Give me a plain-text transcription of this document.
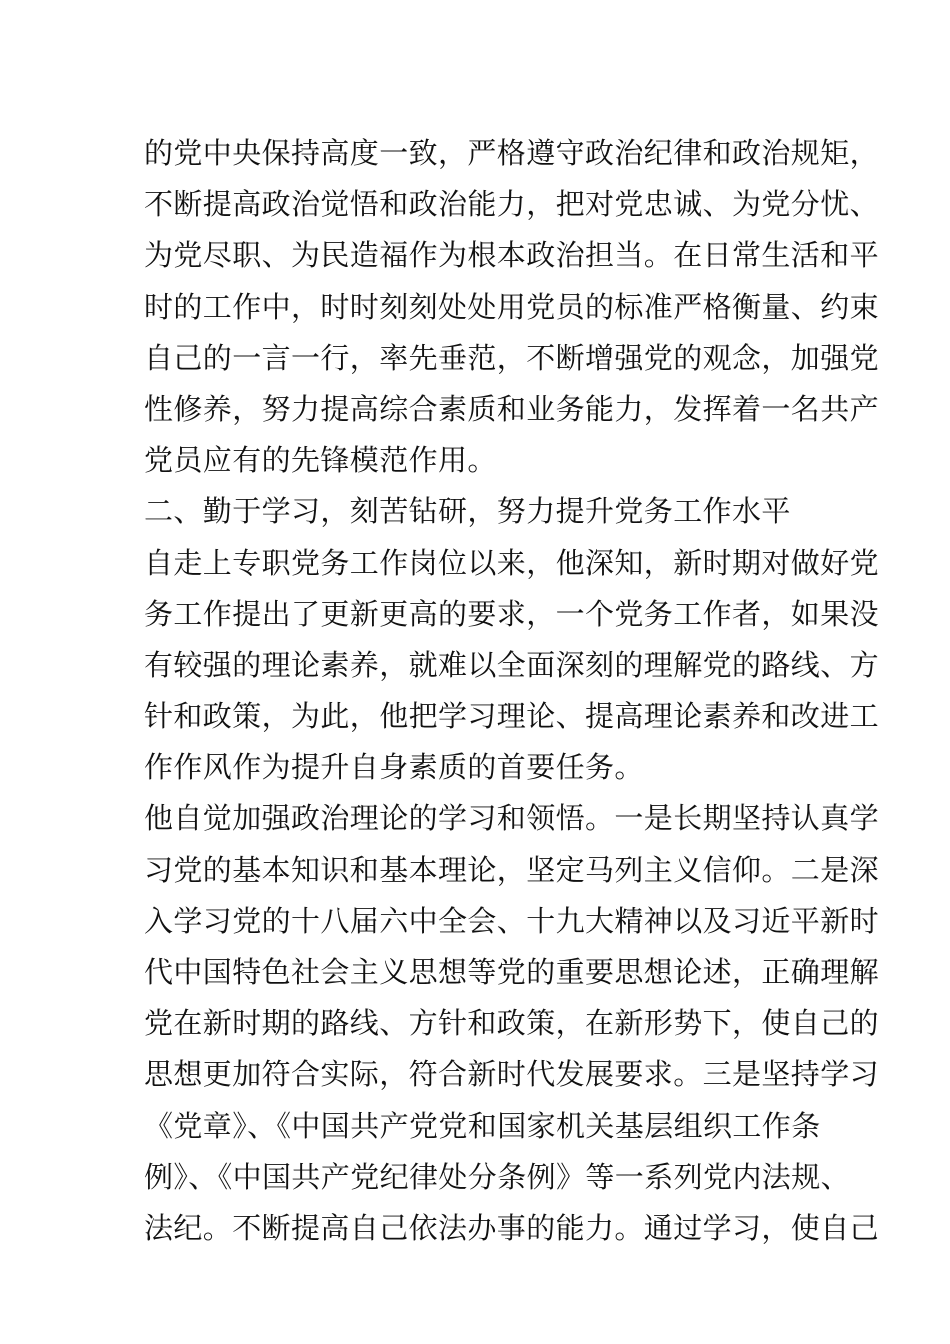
的党中央保持高度一致，严格遵守政治纪律和政治规矩，
不断提高政治觉悟和政治能力，把对党忠诚、为党分忧、
为党尽职、为民造福作为根本政治担当。在日常生活和平
时的工作中，时时刻刻处处用党员的标准严格衡量、约束
自己的一言一行，率先垂范，不断增强党的观念，加强党
性修养，努力提高综合素质和业务能力，发挥着一名共产
党员应有的先锋模范作用。
二、勤于学习，刻苦钻研，努力提升党务工作水平
自走上专职党务工作岗位以来，他深知，新时期对做好党
务工作提出了更新更高的要求，一个党务工作者，如果没
有较强的理论素养，就难以全面深刻的理解党的路线、方
针和政策，为此，他把学习理论、提高理论素养和改进工
作作风作为提升自身素质的首要任务。
他自觉加强政治理论的学习和领悟。一是长期坚持认真学
习党的基本知识和基本理论，坚定马列主义信仰。二是深
入学习党的十八届六中全会、十九大精神以及习近平新时
代中国特色社会主义思想等党的重要思想论述，正确理解
党在新时期的路线、方针和政策，在新形势下，使自己的
思想更加符合实际，符合新时代发展要求。三是坚持学习
《党章》、《中国共产党党和国家机关基层组织工作条
例》、《中国共产党纪律处分条例》等一系列党内法规、
法纪。不断提高自己依法办事的能力。通过学习，使自己
